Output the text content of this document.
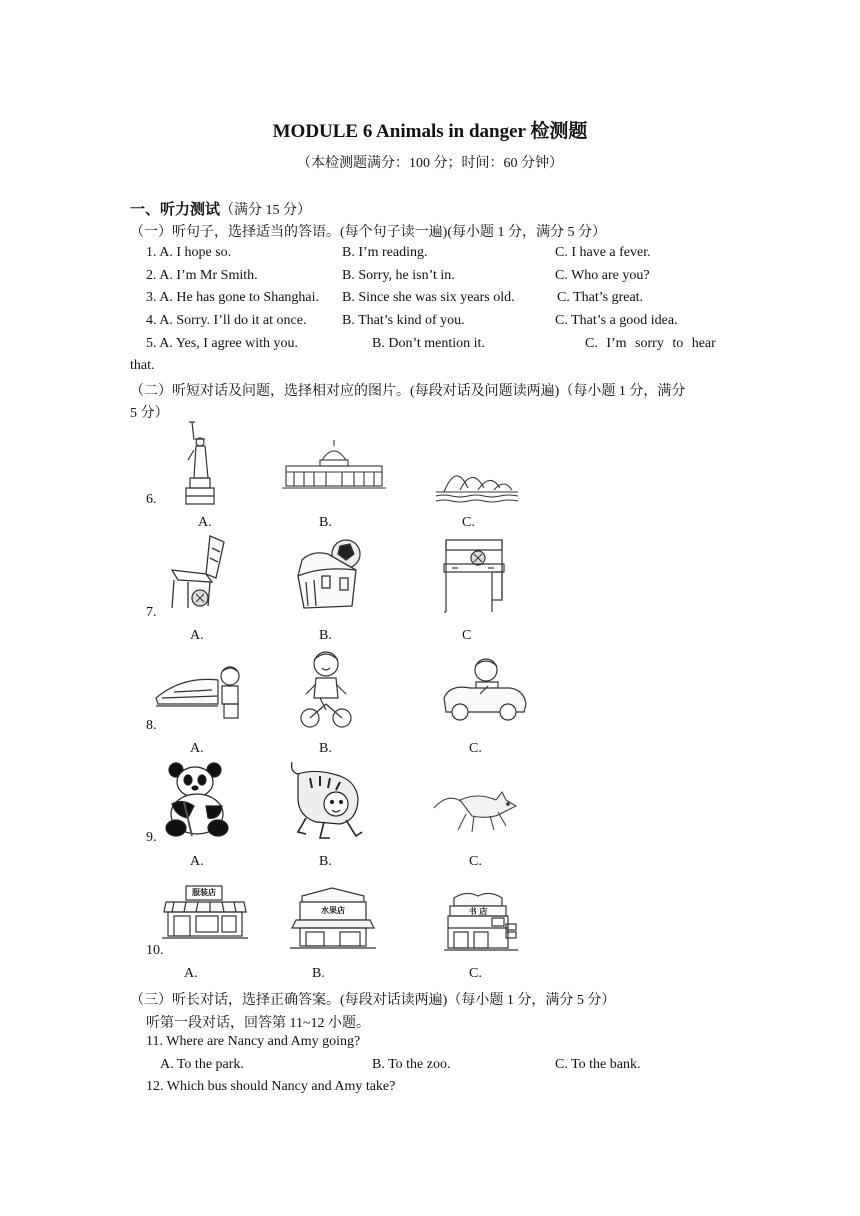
MODULE 6 Animals in danger 检测题
（本检测题满分：100 分；时间：60 分钟）
一、听力测试（满分 15 分）
（一）听句子，选择适当的答语。(每个句子读一遍)(每小题 1 分，满分 5 分）
1. A. I hope so.	B. I’m reading.	C. I have a fever.
2. A. I’m Mr Smith.	B. Sorry, he isn’t in.	C. Who are you?
3. A. He has gone to Shanghai. B. Since she was six years old.	C. That’s great.
4. A. Sorry. I’ll do it at once.	B. That’s kind of you.	C. That’s a good idea.
5. A. Yes, I agree with you.	B. Don’t mention it.	C. I’m sorry to hear
that.
（二）听短对话及问题，选择相对应的图片。(每段对话及问题读两遍)（每小题 1 分，满分
5 分）
6.
A.	B.	C.
7.
A.	B.	C
8.
A.	B.	C.
9.
A.	B.	C.
10.
服装店
水果店	书 店
A.	B.	C.
（三）听长对话，选择正确答案。(每段对话读两遍)（每小题 1 分，满分 5 分）
听第一段对话，回答第 11~12 小题。
11. Where are Nancy and Amy going?
A. To the park.	B. To the zoo.	C. To the bank.
12. Which bus should Nancy and Amy take?
